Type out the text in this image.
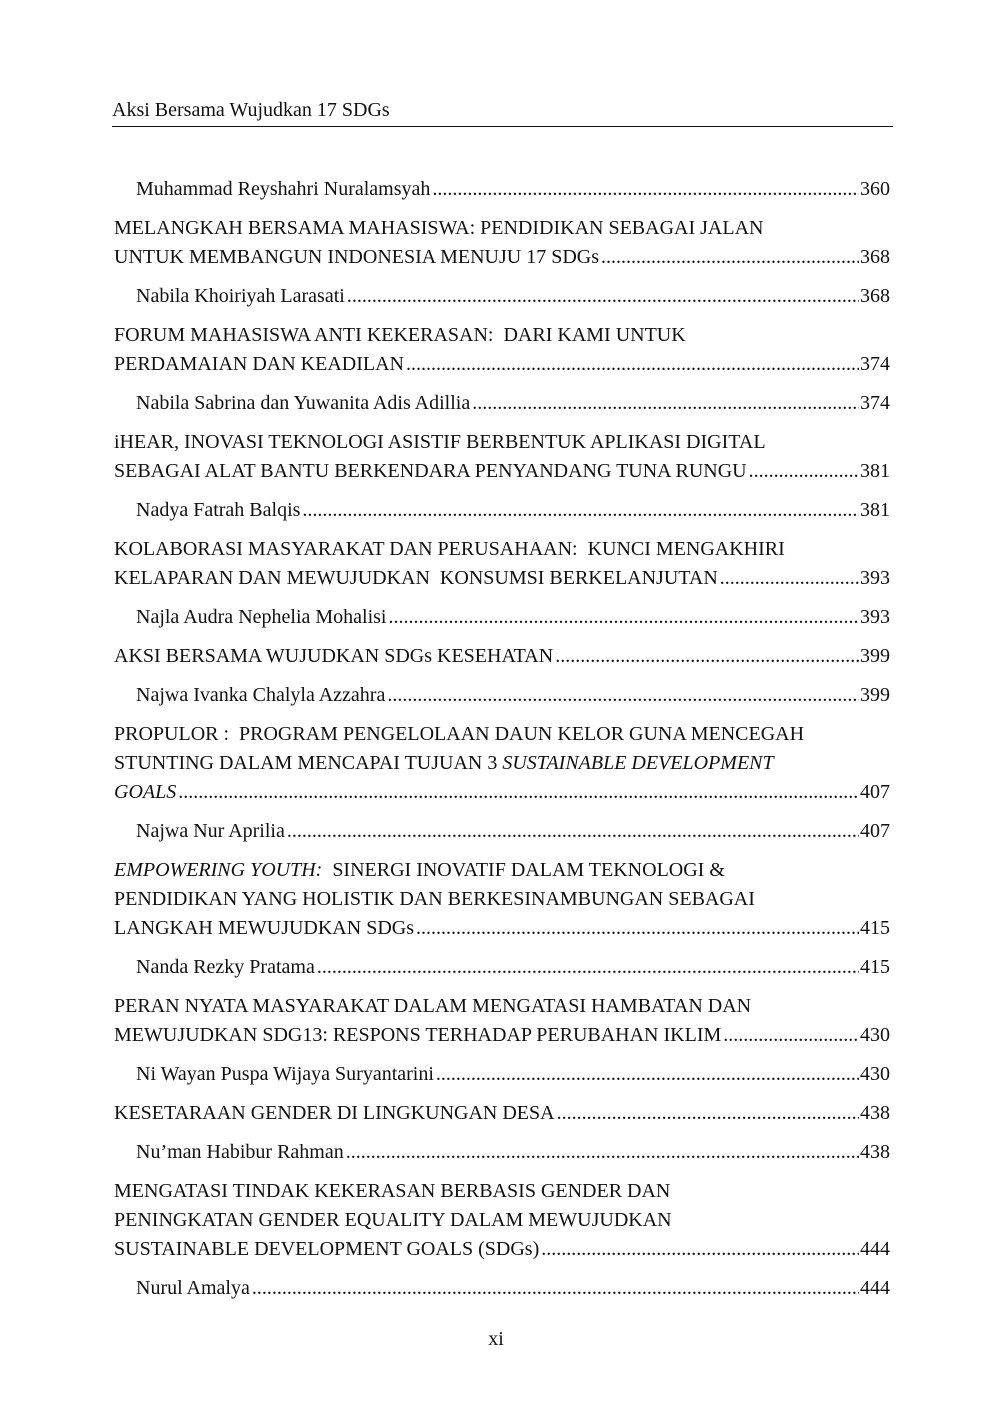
Aksi Bersama Wujudkan 17 SDGs
Muhammad Reyshahri Nuralamsyah .....	360
MELANGKAH BERSAMA MAHASISWA: PENDIDIKAN SEBAGAI JALAN
UNTUK MEMBANGUN INDONESIA MENUJU 17 SDGs .....	368
Nabila Khoiriyah Larasati .....	368
FORUM MAHASISWA ANTI KEKERASAN:  DARI KAMI UNTUK
PERDAMAIAN DAN KEADILAN .....	374
Nabila Sabrina dan Yuwanita Adis Adillia .....	374
iHEAR, INOVASI TEKNOLOGI ASISTIF BERBENTUK APLIKASI DIGITAL
SEBAGAI ALAT BANTU BERKENDARA PENYANDANG TUNA RUNGU .....	381
Nadya Fatrah Balqis .....	381
KOLABORASI MASYARAKAT DAN PERUSAHAAN:  KUNCI MENGAKHIRI
KELAPARAN DAN MEWUJUDKAN  KONSUMSI BERKELANJUTAN .....	393
Najla Audra Nephelia Mohalisi .....	393
AKSI BERSAMA WUJUDKAN SDGs KESEHATAN .....	399
Najwa Ivanka Chalyla Azzahra .....	399
PROPULOR :  PROGRAM PENGELOLAAN DAUN KELOR GUNA MENCEGAH
STUNTING DALAM MENCAPAI TUJUAN 3 SUSTAINABLE DEVELOPMENT
GOALS .....	407
Najwa Nur Aprilia .....	407
EMPOWERING YOUTH: SINERGI INOVATIF DALAM TEKNOLOGI &
PENDIDIKAN YANG HOLISTIK DAN BERKESINAMBUNGAN SEBAGAI
LANGKAH MEWUJUDKAN SDGs .....	415
Nanda Rezky Pratama .....	415
PERAN NYATA MASYARAKAT DALAM MENGATASI HAMBATAN DAN
MEWUJUDKAN SDG13: RESPONS TERHADAP PERUBAHAN IKLIM .....	430
Ni Wayan Puspa Wijaya Suryantarini .....	430
KESETARAAN GENDER DI LINGKUNGAN DESA .....	438
Nu’man Habibur Rahman .....	438
MENGATASI TINDAK KEKERASAN BERBASIS GENDER DAN
PENINGKATAN GENDER EQUALITY DALAM MEWUJUDKAN
SUSTAINABLE DEVELOPMENT GOALS (SDGs) .....	444
Nurul Amalya .....	444
xi
